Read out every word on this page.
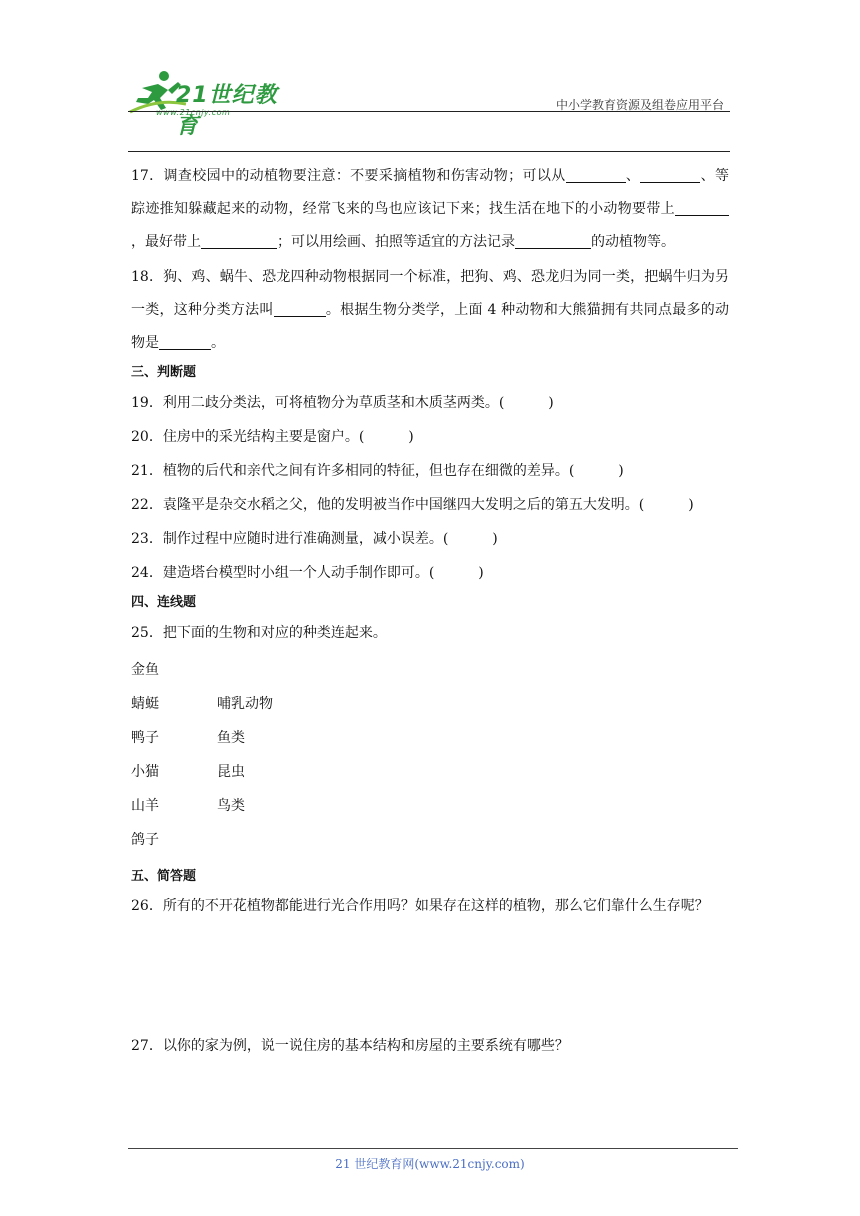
21世纪教育
www.21cnjy.com
中小学教育资源及组卷应用平台

17．调查校园中的动植物要注意：不要采摘植物和伤害动物；可以从	、	、等踪迹推知躲藏起来的动物，经常飞来的鸟也应该记下来；找生活在地下的小动物要带上，最好带上	；可以用绘画、拍照等适宜的方法记录	的动植物等。

18．狗、鸡、蜗牛、恐龙四种动物根据同一个标准，把狗、鸡、恐龙归为同一类，把蜗牛归为另一类，这种分类方法叫	。根据生物分类学，上面 4 种动物和大熊猫拥有共同点最多的动物是	。

三、判断题

19．利用二歧分类法，可将植物分为草质茎和木质茎两类。(	)

20．住房中的采光结构主要是窗户。(	)

21．植物的后代和亲代之间有许多相同的特征，但也存在细微的差异。(	)

22．袁隆平是杂交水稻之父，他的发明被当作中国继四大发明之后的第五大发明。(	)

23．制作过程中应随时进行准确测量，减小误差。(	)

24．建造塔台模型时小组一个人动手制作即可。(	)

四、连线题

25．把下面的生物和对应的种类连起来。

金鱼
蜻蜓
鸭子
小猫
山羊
鸽子
哺乳动物
鱼类
昆虫
鸟类

五、简答题

26．所有的不开花植物都能进行光合作用吗？如果存在这样的植物，那么它们靠什么生存呢？

27．以你的家为例，说一说住房的基本结构和房屋的主要系统有哪些？

21 世纪教育网(www.21cnjy.com)
